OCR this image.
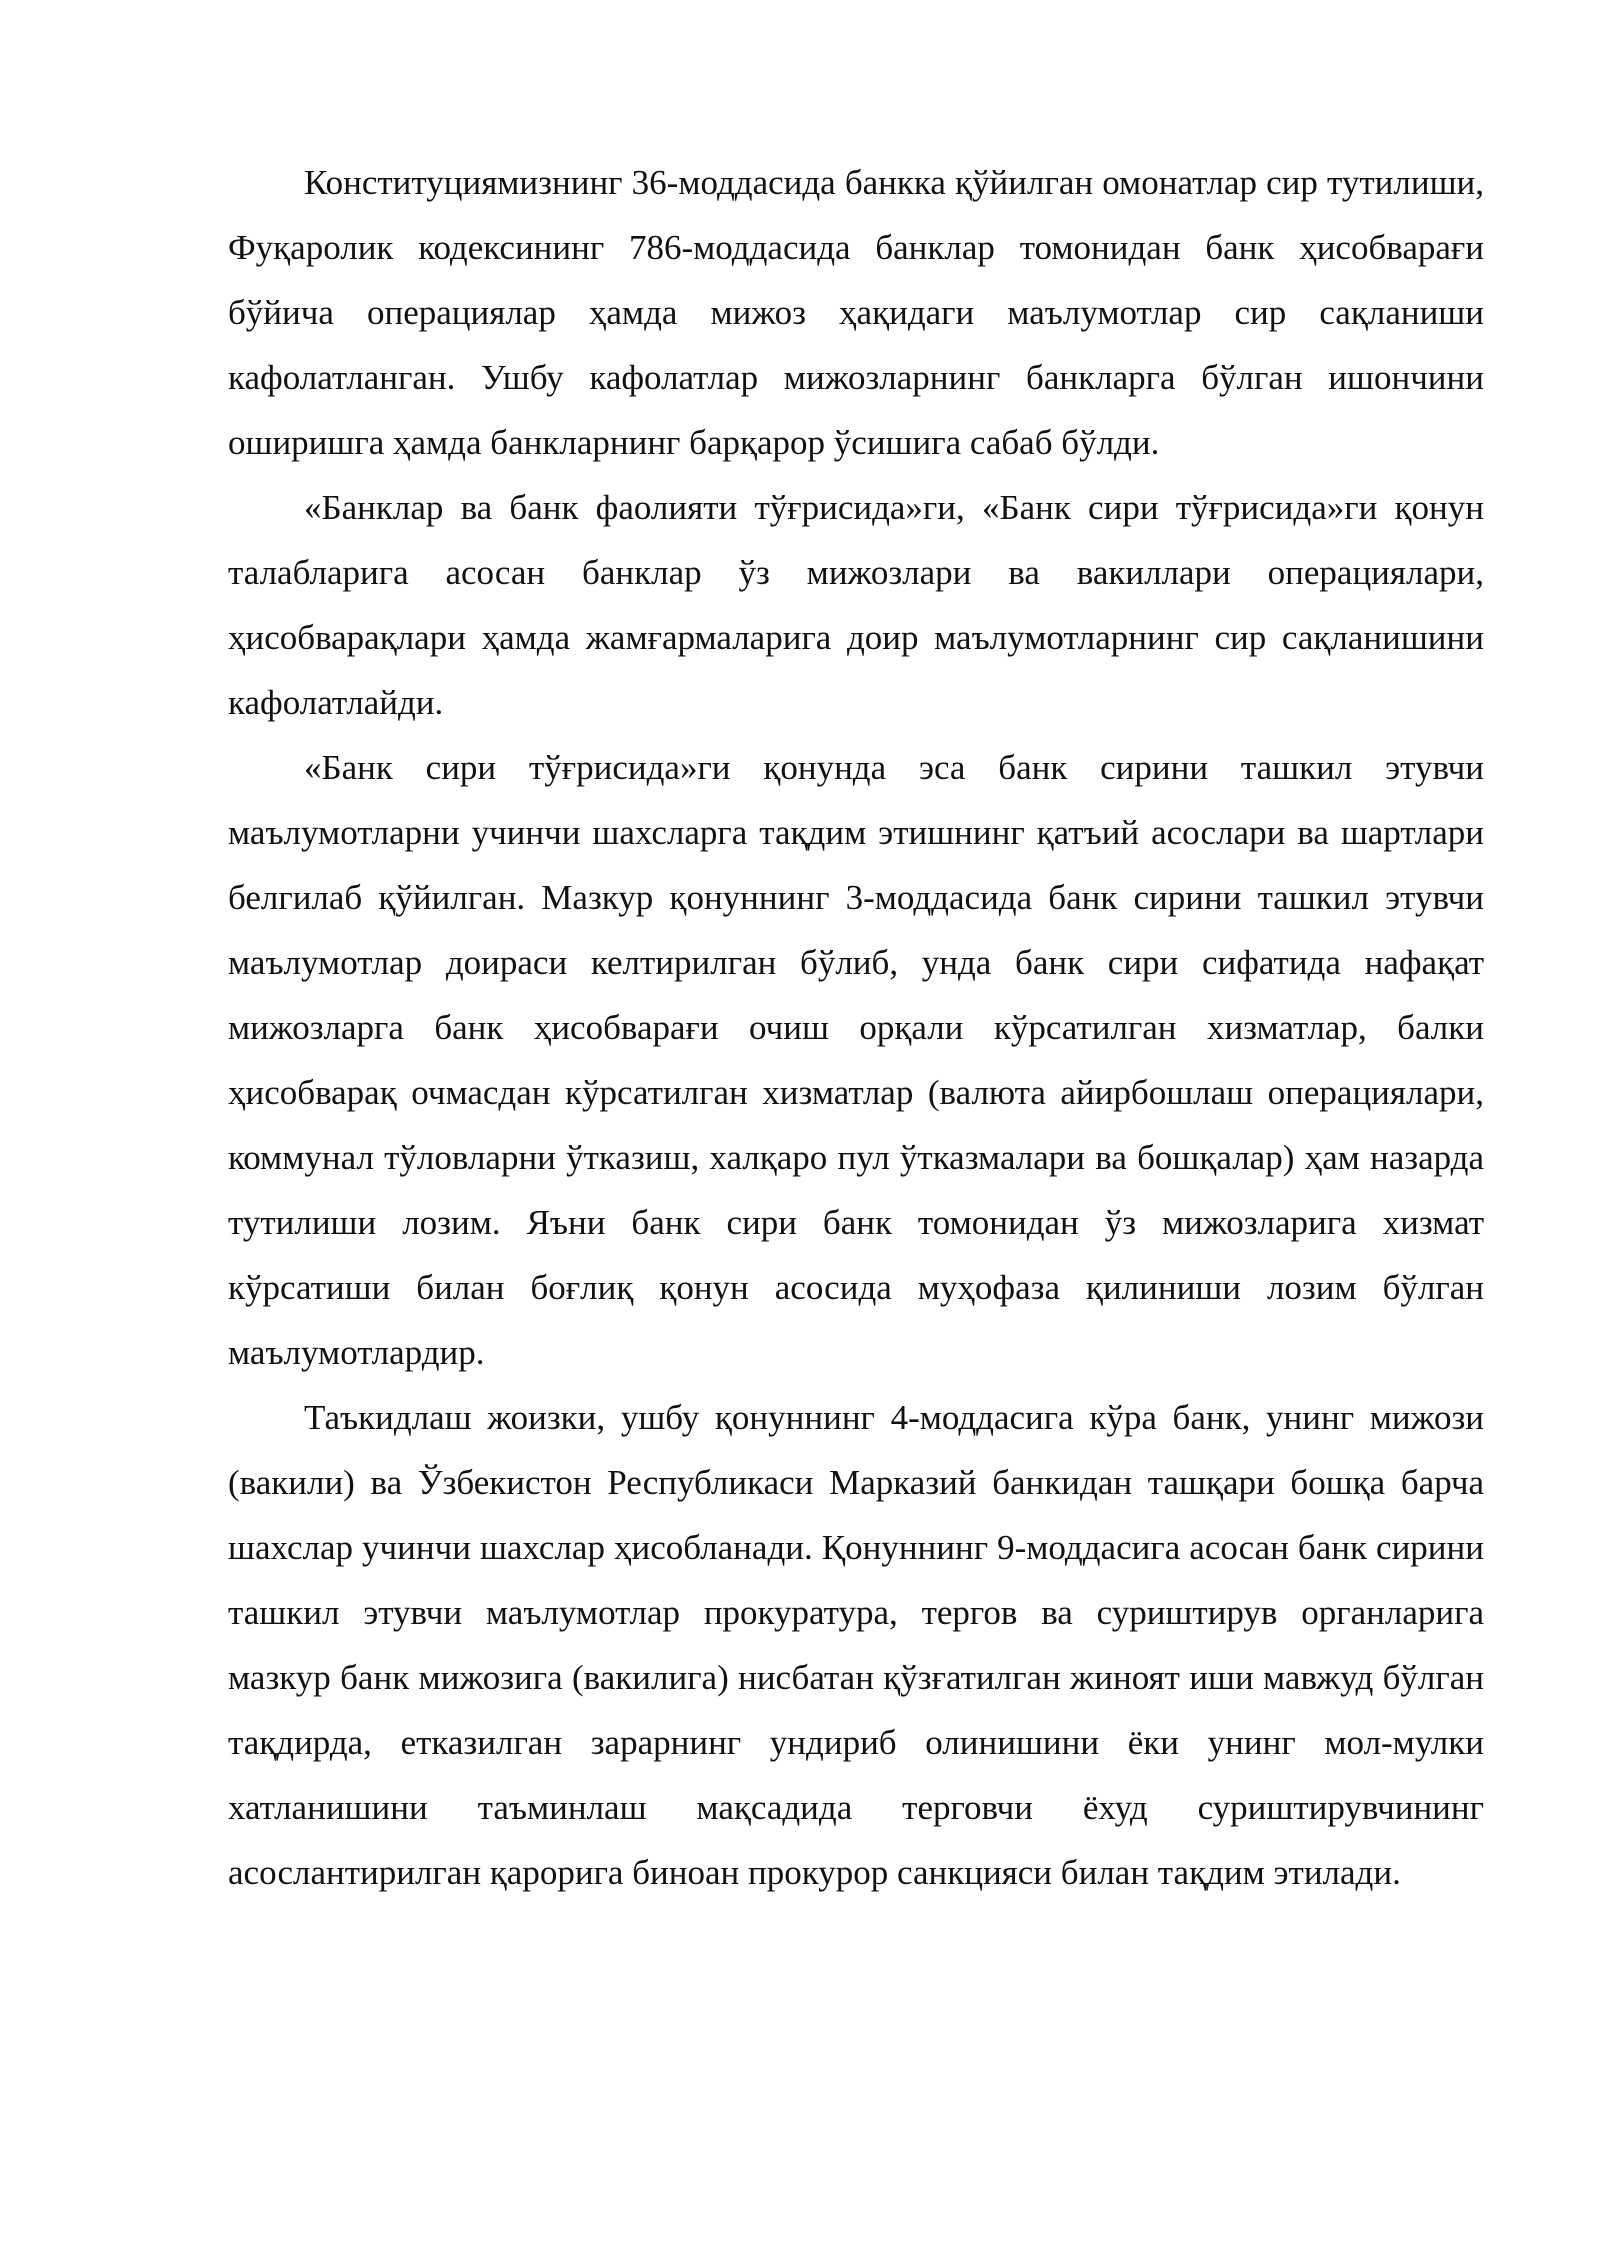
Конституциямизнинг 36-моддасида банкка қўйилган омонатлар сир тутилиши, Фуқаролик кодексининг 786-моддасида банклар томонидан банк ҳисобварағи бўйича операциялар ҳамда мижоз ҳақидаги маълумотлар сир сақланиши кафолатланган. Ушбу кафолатлар мижозларнинг банкларга бўлган ишончини оширишга ҳамда банкларнинг барқарор ўсишига сабаб бўлди.

«Банклар ва банк фаолияти тўғрисида»ги, «Банк сири тўғрисида»ги қонун талабларига асосан банклар ўз мижозлари ва вакиллари операциялари, ҳисобварақлари ҳамда жамғармаларига доир маълумотларнинг сир сақланишини кафолатлайди.

«Банк сири тўғрисида»ги қонунда эса банк сирини ташкил этувчи маълумотларни учинчи шахсларга тақдим этишнинг қатъий асослари ва шартлари белгилаб қўйилган. Мазкур қонуннинг 3-моддасида банк сирини ташкил этувчи маълумотлар доираси келтирилган бўлиб, унда банк сири сифатида нафақат мижозларга банк ҳисобварағи очиш орқали кўрсатилган хизматлар, балки ҳисобварақ очмасдан кўрсатилган хизматлар (валюта айирбошлаш операциялари, коммунал тўловларни ўтказиш, халқаро пул ўтказмалари ва бошқалар) ҳам назарда тутилиши лозим. Яъни банк сири банк томонидан ўз мижозларига хизмат кўрсатиши билан боғлиқ қонун асосида муҳофаза қилиниши лозим бўлган маълумотлардир.

Таъкидлаш жоизки, ушбу қонуннинг 4-моддасига кўра банк, унинг мижози (вакили) ва Ўзбекистон Республикаси Марказий банкидан ташқари бошқа барча шахслар учинчи шахслар ҳисобланади. Қонуннинг 9-моддасига асосан банк сирини ташкил этувчи маълумотлар прокуратура, тергов ва суриштирув органларига мазкур банк мижозига (вакилига) нисбатан қўзғатилган жиноят иши мавжуд бўлган тақдирда, етказилган зарарнинг ундириб олинишини ёки унинг мол-мулки хатланишини таъминлаш мақсадида терговчи ёхуд суриштирувчининг асослантирилган қарорига биноан прокурор санкцияси билан тақдим этилади.
